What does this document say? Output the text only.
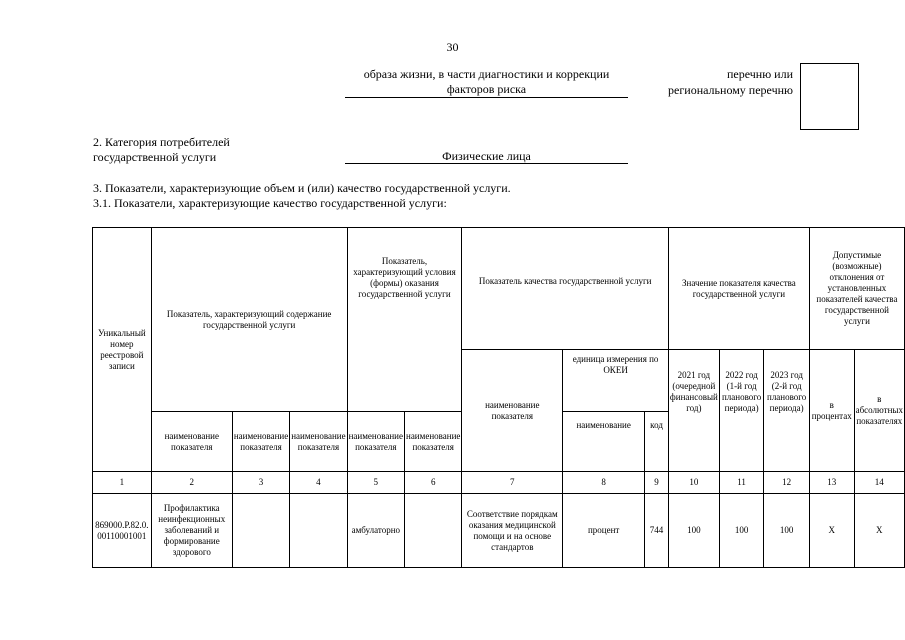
30
образа жизни, в части диагностики и коррекции факторов риска
перечню или региональному перечню
2. Категория потребителей государственной услуги	Физические лица
3. Показатели, характеризующие объем и (или) качество государственной услуги.
3.1. Показатели, характеризующие качество государственной услуги:
Уникальный номер реестровой записи	Показатель, характеризующий содержание государственной услуги			Показатель, характеризующий условия (формы) оказания государственной услуги		Показатель качества государственной услуги			Значение показателя качества государственной услуги			Допустимые (возможные) отклонения от установленных показателей качества государственной услуги	
						наименование показателя	единица измерения по ОКЕИ		2021 год (очередной финансовый год)	2022 год (1-й год планового периода)	2023 год (2-й год планового периода)	в процентах	в абсолютных показателях
	наименование показателя	наименование показателя	наименование показателя	наименование показателя	наименование показателя		наименование	код					
1	2	3	4	5	6	7	8	9	10	11	12	13	14
869000.Р.82.0.00110001001	Профилактика неинфекционных заболеваний и формирование здорового			амбулаторно		Соответствие порядкам оказания медицинской помощи и на основе стандартов	процент	744	100	100	100	Х	Х
